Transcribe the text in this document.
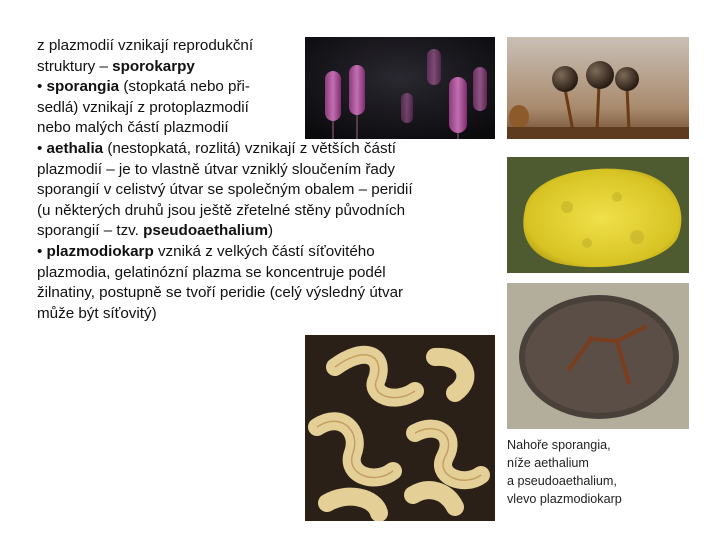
z plazmodií vznikají reprodukční

struktury – sporokarpy

• sporangia (stopkatá nebo při-

sedlá) vznikají z protoplazmodií

nebo malých částí plazmodií

• aethalia (nestopkatá, rozlitá) vznikají z větších částí

plazmodií – je to vlastně útvar vzniklý sloučením řady

sporangií v celistvý útvar se společným obalem – peridií

(u některých druhů jsou ještě zřetelné stěny původních

sporangií – tzv. pseudoaethalium)

• plazmodiokarp vzniká z velkých částí síťovitého

plazmodia, gelatinózní plazma se koncentruje podél

žilnatiny, postupně se tvoří peridie (celý výsledný útvar

může být síťovitý)

Nahoře sporangia,
níže aethalium
a pseudoaethalium,
vlevo plazmodiokarp
